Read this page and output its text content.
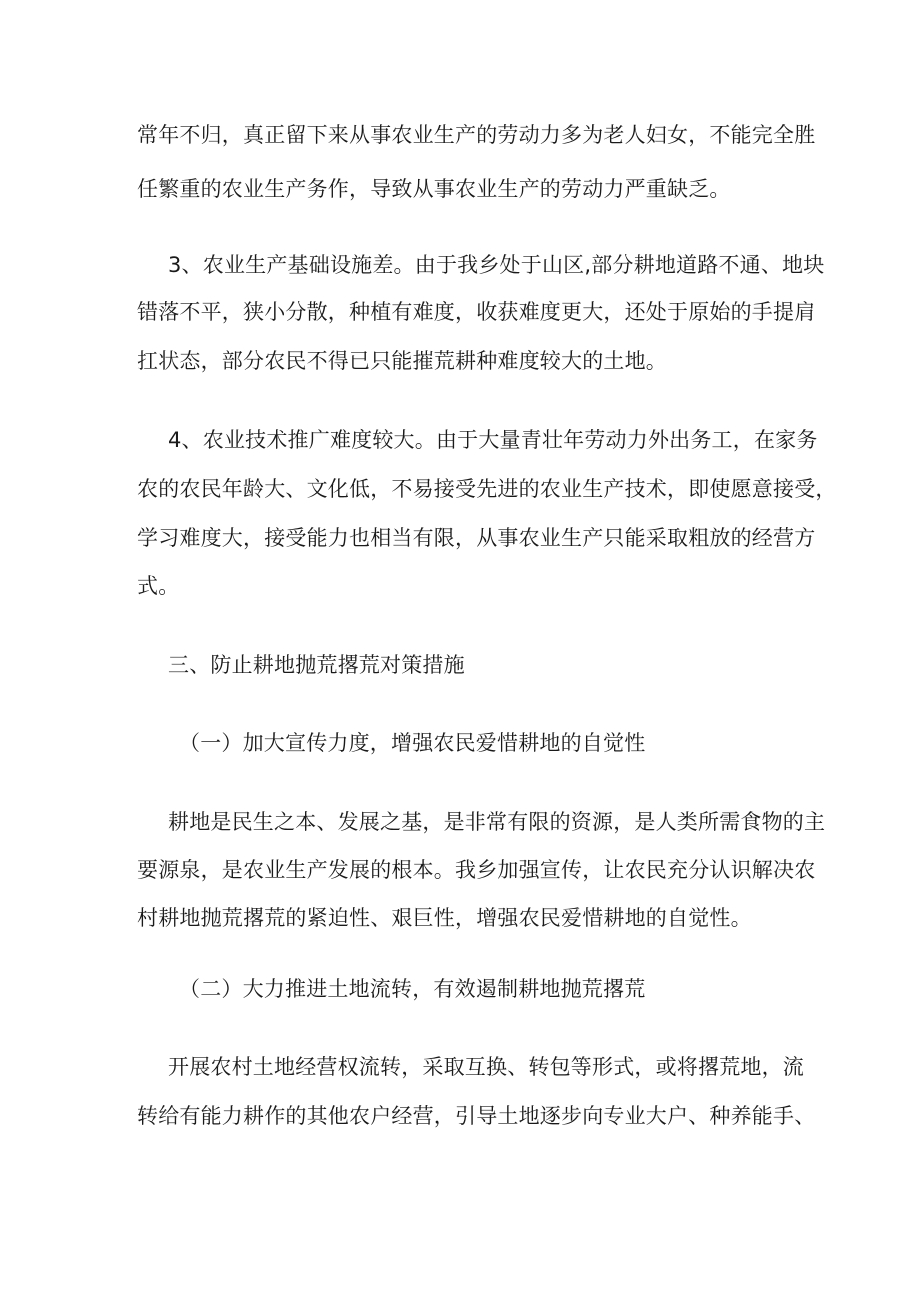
常年不归，真正留下来从事农业生产的劳动力多为老人妇女，不能完全胜
任繁重的农业生产务作，导致从事农业生产的劳动力严重缺乏。
3、农业生产基础设施差。由于我乡处于山区,部分耕地道路不通、地块
错落不平，狭小分散，种植有难度，收获难度更大，还处于原始的手提肩
扛状态，部分农民不得已只能摧荒耕种难度较大的土地。
4、农业技术推广难度较大。由于大量青壮年劳动力外出务工，在家务
农的农民年龄大、文化低，不易接受先进的农业生产技术，即使愿意接受，
学习难度大，接受能力也相当有限，从事农业生产只能采取粗放的经营方
式。
三、防止耕地抛荒撂荒对策措施
（一）加大宣传力度，增强农民爱惜耕地的自觉性
耕地是民生之本、发展之基，是非常有限的资源，是人类所需食物的主
要源泉，是农业生产发展的根本。我乡加强宣传，让农民充分认识解决农
村耕地抛荒撂荒的紧迫性、艰巨性，增强农民爱惜耕地的自觉性。
（二）大力推进土地流转，有效遏制耕地抛荒撂荒
开展农村土地经营权流转，采取互换、转包等形式，或将撂荒地，流
转给有能力耕作的其他农户经营，引导土地逐步向专业大户、种养能手、
